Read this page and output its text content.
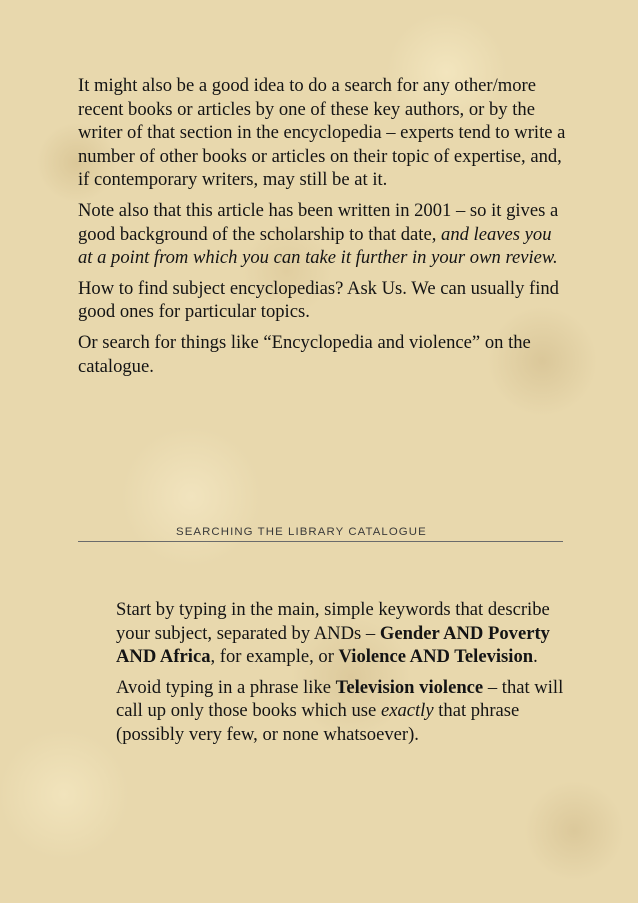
It might also be a good idea to do a search for any other/more recent books or articles by one of these key authors, or by the writer of that section in the encyclopedia – experts tend to write a number of other books or articles on their topic of expertise, and, if contemporary writers, may still be at it.

Note also that this article has been written in 2001 – so it gives a good background of the scholarship to that date, and leaves you at a point from which you can take it further in your own review.

How to find subject encyclopedias? Ask Us. We can usually find good ones for particular topics.

Or search for things like “Encyclopedia and violence” on the catalogue.

SEARCHING THE LIBRARY CATALOGUE

Start by typing in the main, simple keywords that describe your subject, separated by ANDs – Gender AND Poverty AND Africa, for example, or Violence AND Television.

Avoid typing in a phrase like Television violence – that will call up only those books which use exactly that phrase (possibly very few, or none whatsoever).
